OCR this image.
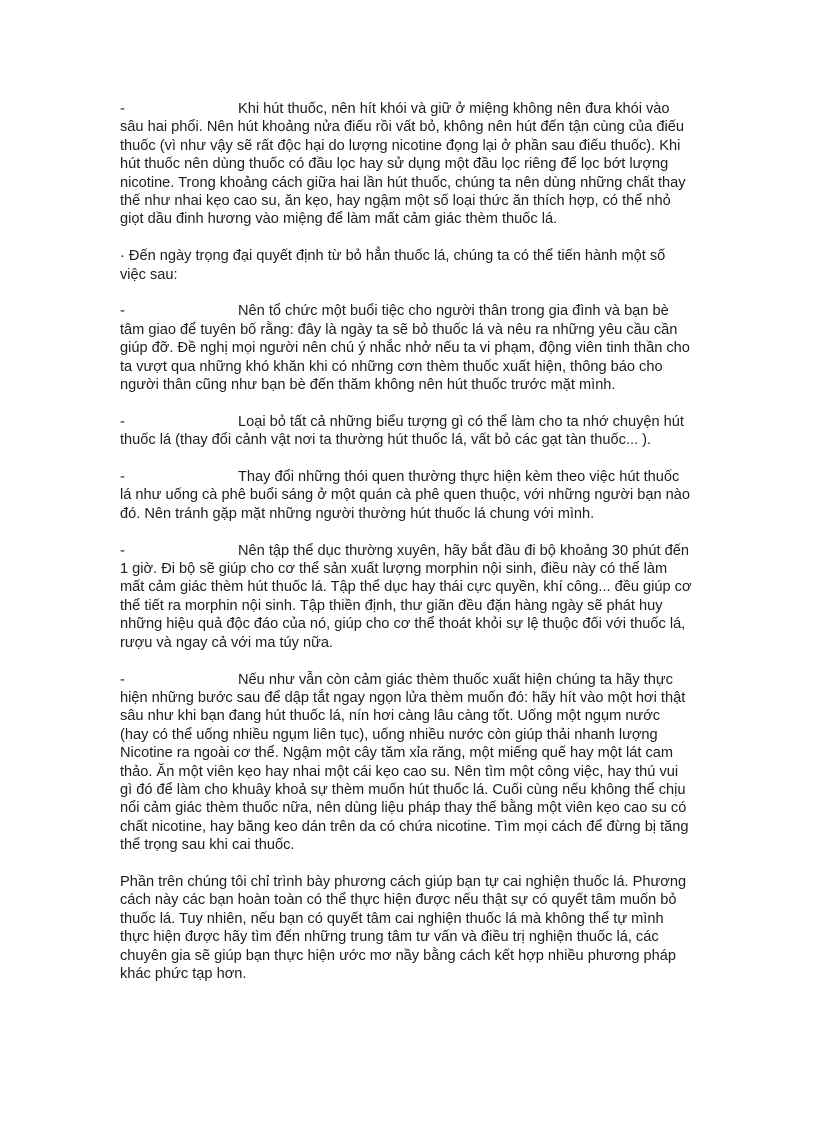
-	Khi hút thuốc, nên hít khói và giữ ở miệng không nên đưa khói vào sâu hai phổi. Nên hút khoảng nửa điếu rồi vất bỏ, không nên hút đến tận cùng của điếu thuốc (vì như vậy sẽ rất độc hại do lượng nicotine đọng lại ở phần sau điếu thuốc). Khi hút thuốc nên dùng thuốc có đầu lọc hay sử dụng một đầu lọc riêng để lọc bớt lượng nicotine. Trong khoảng cách giữa hai lần hút thuốc, chúng ta nên dùng những chất thay thế như nhai kẹo cao su, ăn kẹo, hay ngậm một số loại thức ăn thích hợp, có thể nhỏ giọt dầu đinh hương vào miệng để làm mất cảm giác thèm thuốc lá.

· Đến ngày trọng đại quyết định từ bỏ hẳn thuốc lá, chúng ta có thể tiến hành một số việc sau:

-	Nên tổ chức một buổi tiệc cho người thân trong gia đình và bạn bè tâm giao để tuyên bố rằng: đây là ngày ta sẽ bỏ thuốc lá và nêu ra những yêu cầu cần giúp đỡ. Đề nghị mọi người nên chú ý nhắc nhở nếu ta vi phạm, động viên tinh thần cho ta vượt qua những khó khăn khi có những cơn thèm thuốc xuất hiện, thông báo cho người thân cũng như bạn bè đến thăm không nên hút thuốc trước mặt mình.

-	Loại bỏ tất cả những biểu tượng gì có thể làm cho ta nhớ chuyện hút thuốc lá (thay đổi cảnh vật nơi ta thường hút thuốc lá, vất bỏ các gạt tàn thuốc... ).

-	Thay đổi những thói quen thường thực hiện kèm theo việc hút thuốc lá như uống cà phê buổi sáng ở một quán cà phê quen thuộc, với những người bạn nào đó. Nên tránh gặp mặt những người thường hút thuốc lá chung với mình.

-	Nên tập thể dục thường xuyên, hãy bắt đầu đi bộ khoảng 30 phút đến 1 giờ. Đi bộ sẽ giúp cho cơ thể sản xuất lượng morphin nội sinh, điều này có thể làm mất cảm giác thèm hút thuốc lá. Tập thể dục hay thái cực quyền, khí công... đều giúp cơ thể tiết ra morphin nội sinh. Tập thiền định, thư giãn đều đặn hàng ngày sẽ phát huy những hiệu quả độc đáo của nó, giúp cho cơ thể thoát khỏi sự lệ thuộc đối với thuốc lá, rượu và ngay cả với ma túy nữa.

-	Nếu như vẫn còn cảm giác thèm thuốc xuất hiện chúng ta hãy thực hiện những bước sau để dập tắt ngay ngọn lửa thèm muốn đó: hãy hít vào một hơi thật sâu như khi bạn đang hút thuốc lá, nín hơi càng lâu càng tốt. Uống một ngụm nước (hay có thể uống nhiều ngụm liên tục), uống nhiều nước còn giúp thải nhanh lượng Nicotine ra ngoài cơ thể. Ngậm một cây tăm xỉa răng, một miếng quế hay một lát cam thảo. Ăn một viên kẹo hay nhai một cái kẹo cao su. Nên tìm một công việc, hay thú vui gì đó để làm cho khuây khoả sự thèm muốn hút thuốc lá. Cuối cùng nếu không thể chịu nổi cảm giác thèm thuốc nữa, nên dùng liệu pháp thay thế bằng một viên kẹo cao su có chất nicotine, hay băng keo dán trên da có chứa nicotine. Tìm mọi cách để đừng bị tăng thể trọng sau khi cai thuốc.

Phần trên chúng tôi chỉ trình bày phương cách giúp bạn tự cai nghiện thuốc lá. Phương cách này các bạn hoàn toàn có thể thực hiện được nếu thật sự có quyết tâm muốn bỏ thuốc lá. Tuy nhiên, nếu bạn có quyết tâm cai nghiện thuốc lá mà không thể tự mình thực hiện được hãy tìm đến những trung tâm tư vấn và điều trị nghiện thuốc lá, các chuyên gia sẽ giúp bạn thực hiện ước mơ nầy bằng cách kết hợp nhiều phương pháp khác phức tạp hơn.
